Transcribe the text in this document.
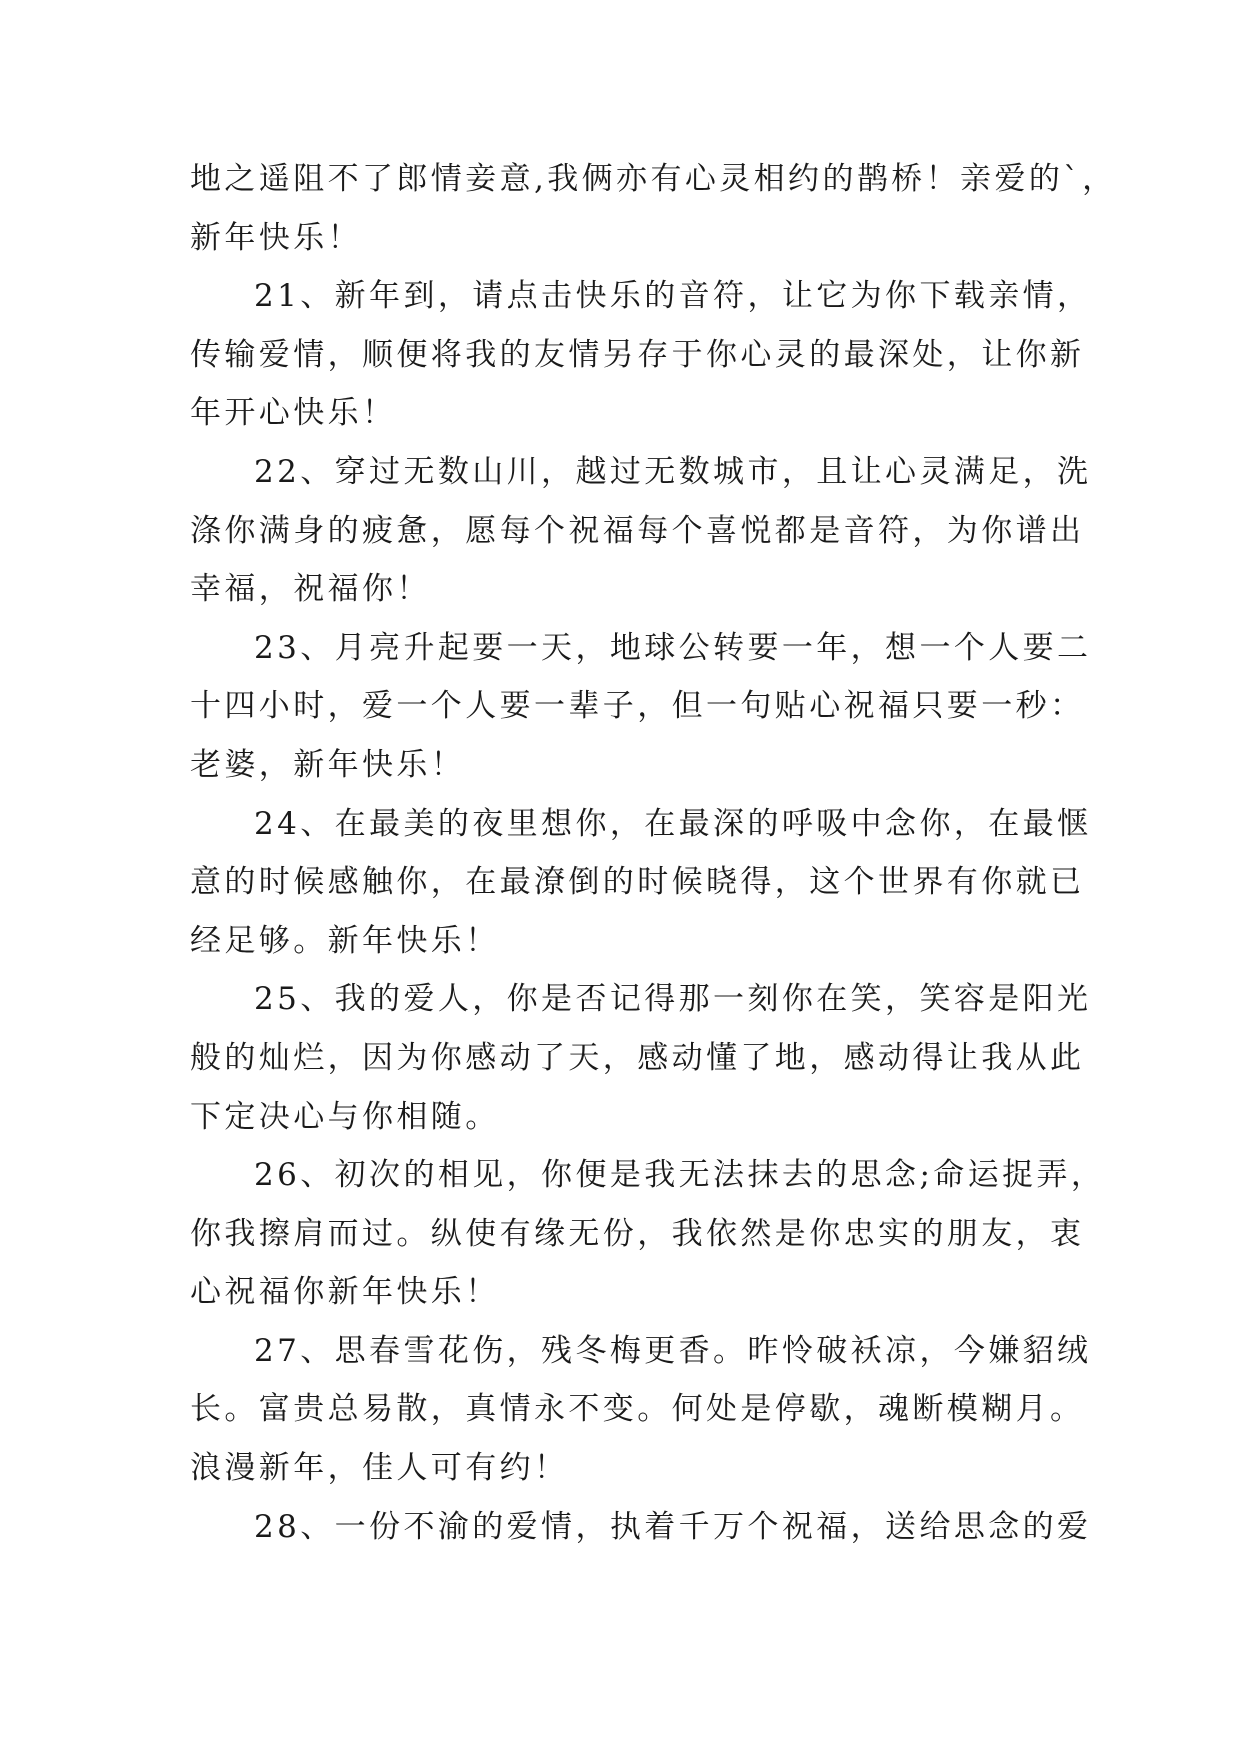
地之遥阻不了郎情妾意,我俩亦有心灵相约的鹊桥！亲爱的`，
新年快乐！

21、新年到，请点击快乐的音符，让它为你下载亲情，
传输爱情，顺便将我的友情另存于你心灵的最深处，让你新
年开心快乐！

22、穿过无数山川，越过无数城市，且让心灵满足，洗
涤你满身的疲惫，愿每个祝福每个喜悦都是音符，为你谱出
幸福，祝福你！

23、月亮升起要一天，地球公转要一年，想一个人要二
十四小时，爱一个人要一辈子，但一句贴心祝福只要一秒：
老婆，新年快乐！

24、在最美的夜里想你，在最深的呼吸中念你，在最惬
意的时候感触你，在最潦倒的时候晓得，这个世界有你就已
经足够。新年快乐！

25、我的爱人，你是否记得那一刻你在笑，笑容是阳光
般的灿烂，因为你感动了天，感动懂了地，感动得让我从此
下定决心与你相随。

26、初次的相见，你便是我无法抹去的思念;命运捉弄，
你我擦肩而过。纵使有缘无份，我依然是你忠实的朋友，衷
心祝福你新年快乐！

27、思春雪花伤，残冬梅更香。昨怜破袄凉，今嫌貂绒
长。富贵总易散，真情永不变。何处是停歇，魂断模糊月。
浪漫新年，佳人可有约！

28、一份不渝的爱情，执着千万个祝福，送给思念的爱
